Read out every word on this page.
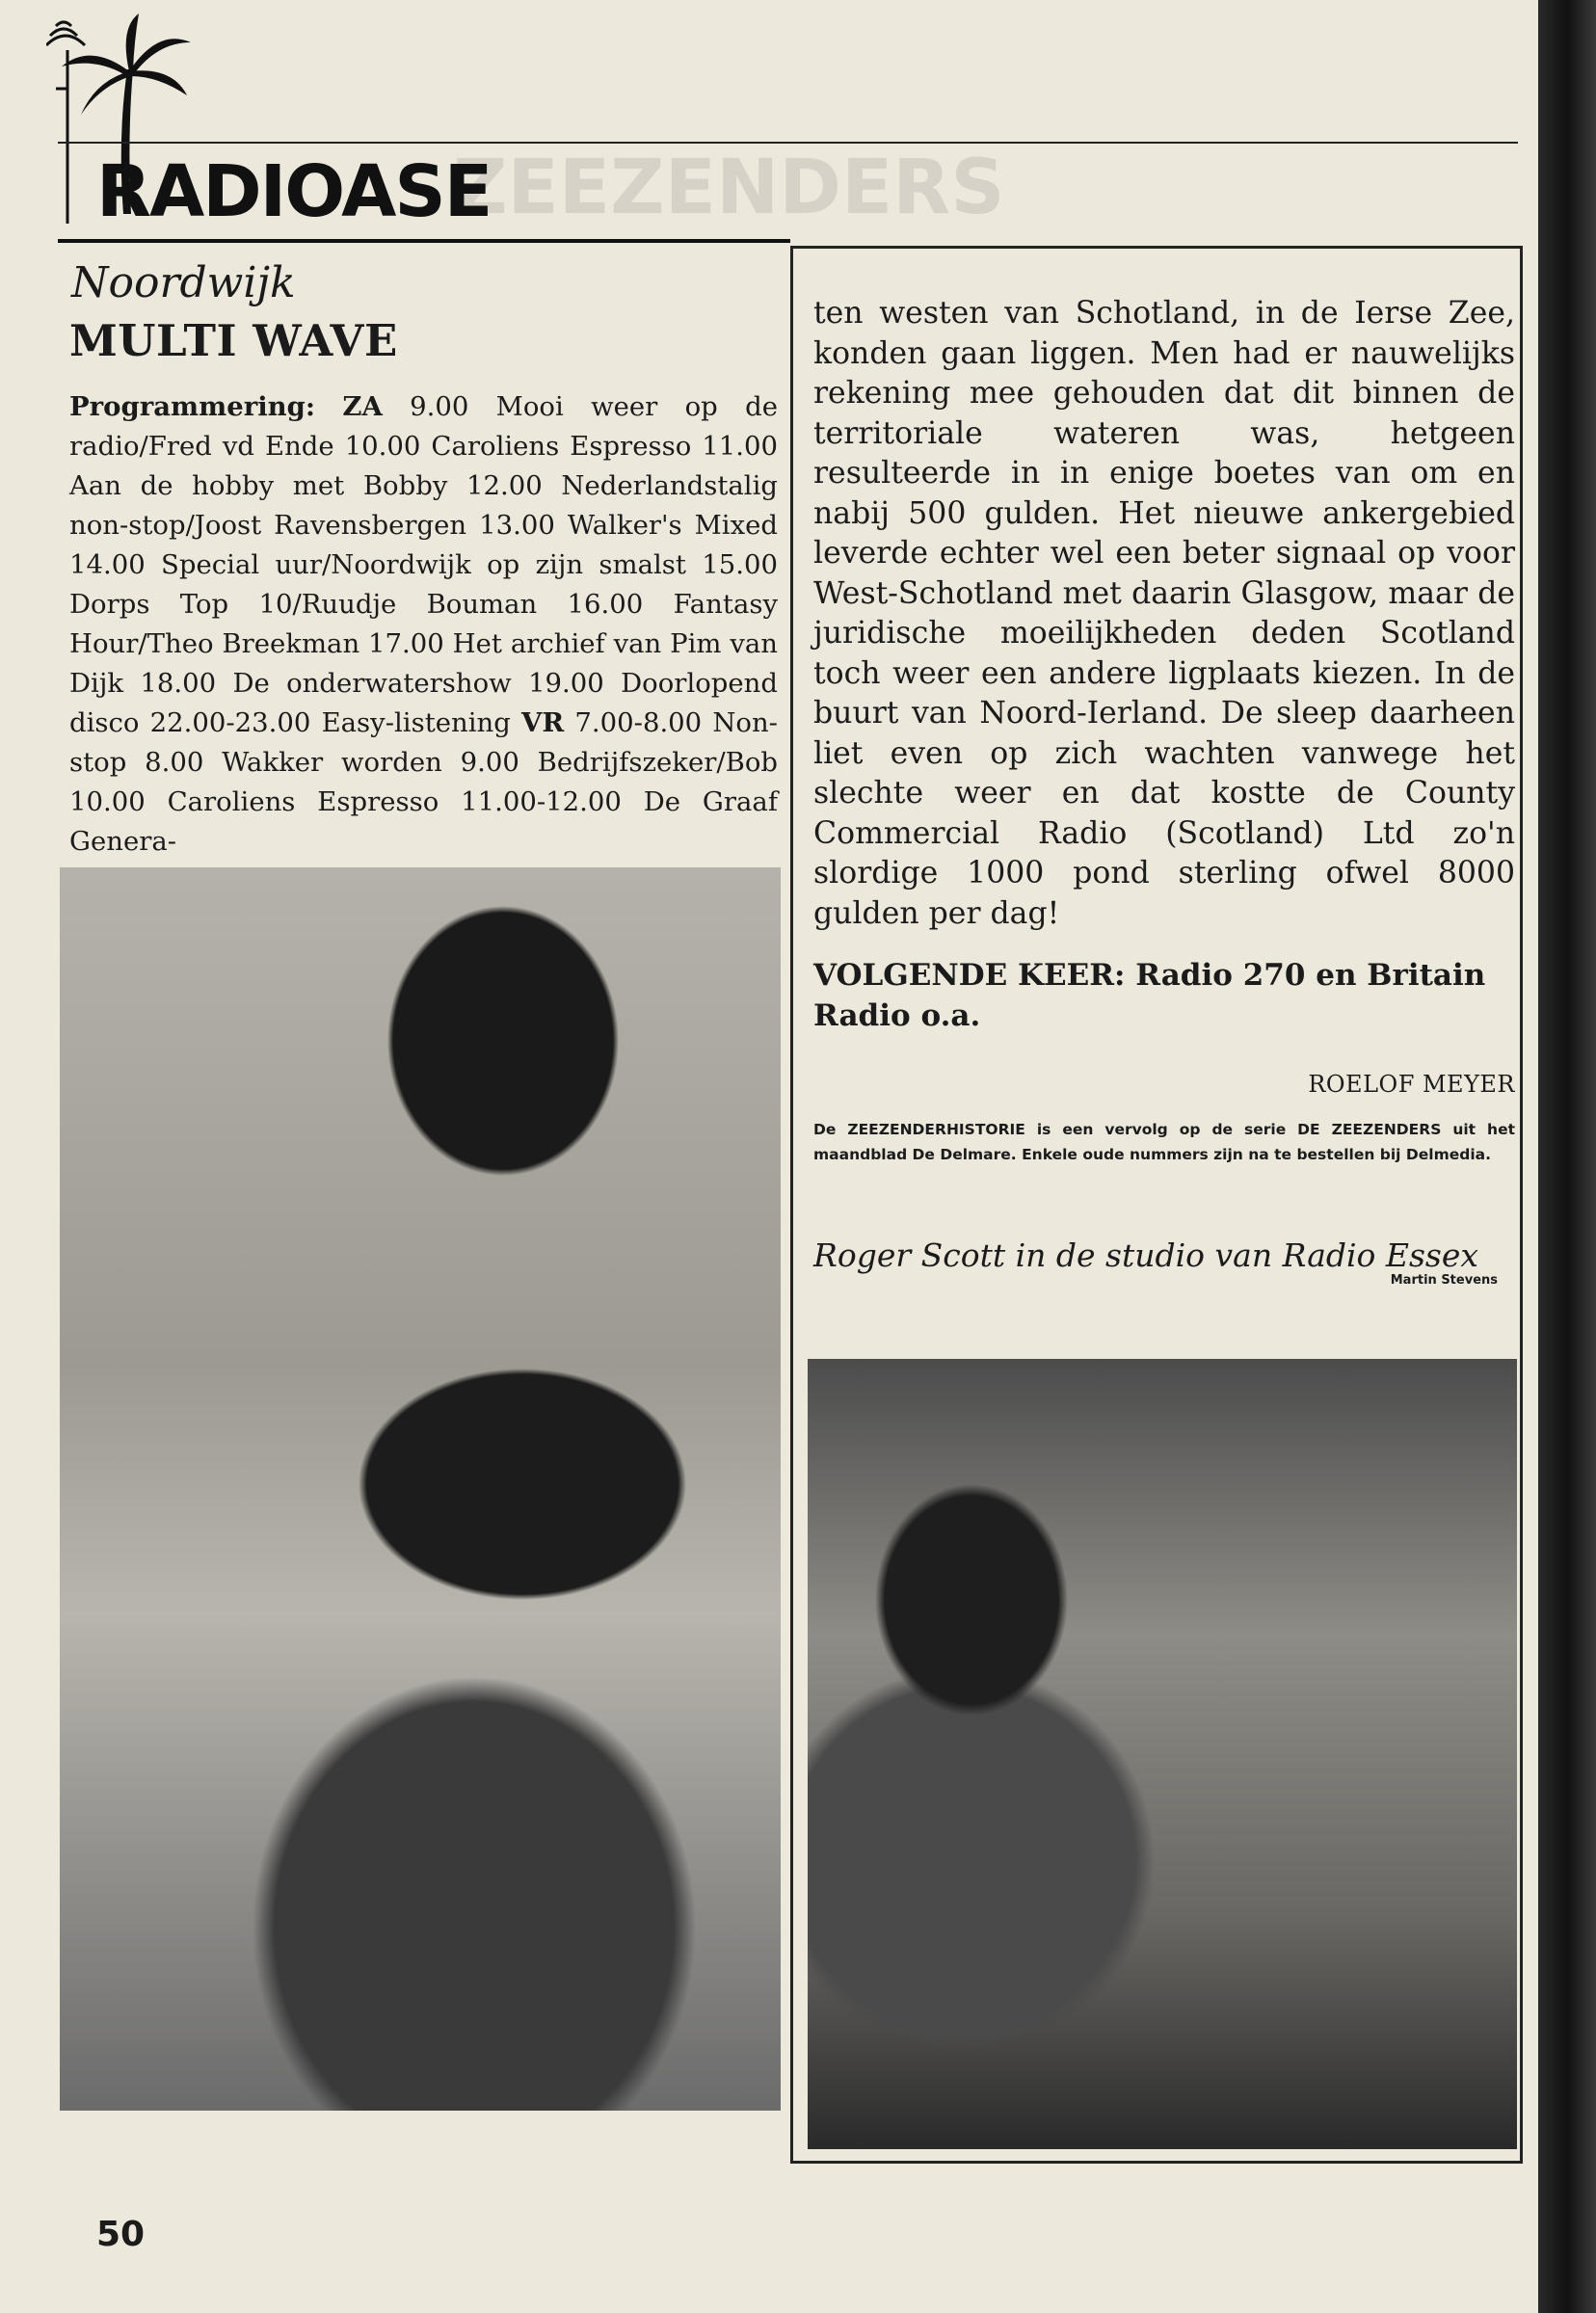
ZEEZENDERS
RADIOASE
Noordwijk
MULTI WAVE
Programmering: ZA 9.00 Mooi weer op de radio/Fred vd Ende 10.00 Caroliens Espresso 11.00 Aan de hobby met Bobby 12.00 Nederlandstalig non-stop/Joost Ravensbergen 13.00 Walker's Mixed 14.00 Special uur/Noordwijk op zijn smalst 15.00 Dorps Top 10/Ruudje Bouman 16.00 Fantasy Hour/Theo Breekman 17.00 Het archief van Pim van Dijk 18.00 De onderwatershow 19.00 Doorlopend disco 22.00-23.00 Easy-listening VR 7.00-8.00 Non-stop 8.00 Wakker worden 9.00 Bedrijfszeker/Bob 10.00 Caroliens Espresso 11.00-12.00 De Graaf Genera-

ten westen van Schotland, in de Ierse Zee, konden gaan liggen. Men had er nauwelijks rekening mee gehouden dat dit binnen de territoriale wateren was, hetgeen resulteerde in in enige boetes van om en nabij 500 gulden. Het nieuwe ankergebied leverde echter wel een beter signaal op voor West-Schotland met daarin Glasgow, maar de juridische moeilijkheden deden Scotland toch weer een andere ligplaats kiezen. In de buurt van Noord-Ierland. De sleep daarheen liet even op zich wachten vanwege het slechte weer en dat kostte de County Commercial Radio (Scotland) Ltd zo'n slordige 1000 pond sterling ofwel 8000 gulden per dag!

VOLGENDE KEER: Radio 270 en Britain Radio o.a.
ROELOF MEYER
De ZEEZENDERHISTORIE is een vervolg op de serie DE ZEEZENDERS uit het maandblad De Delmare. Enkele oude nummers zijn na te bestellen bij Delmedia.
Roger Scott in de studio van Radio Essex
Martin Stevens
50
